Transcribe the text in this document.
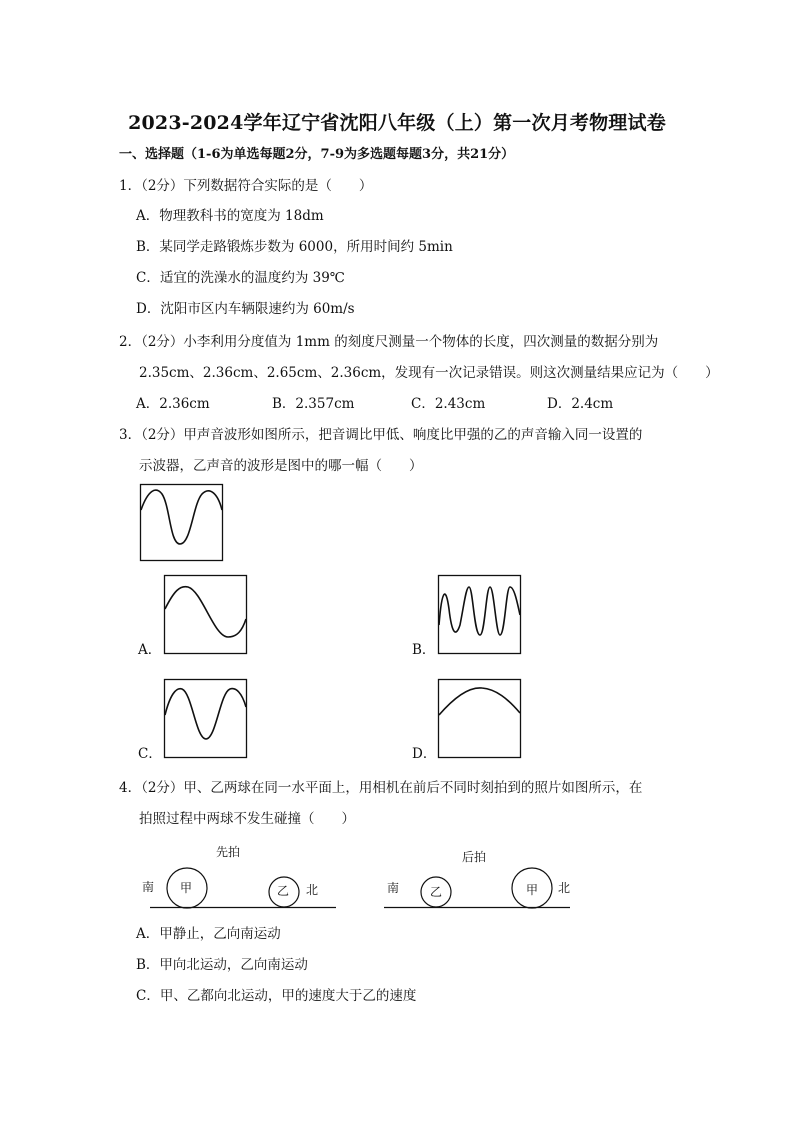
2023-2024学年辽宁省沈阳八年级（上）第一次月考物理试卷
一、选择题（1-6为单选每题2分，7-9为多选题每题3分，共21分）
1．（2分）下列数据符合实际的是（　　）
A．物理教科书的宽度为 18dm
B．某同学走路锻炼步数为 6000，所用时间约 5min
C．适宜的洗澡水的温度约为 39℃
D．沈阳市区内车辆限速约为 60m/s
2．（2分）小李利用分度值为 1mm 的刻度尺测量一个物体的长度，四次测量的数据分别为
2.35cm、2.36cm、2.65cm、2.36cm，发现有一次记录错误。则这次测量结果应记为（　　）
A．2.36cm	B．2.357cm	C．2.43cm	D．2.4cm
3．（2分）甲声音波形如图所示，把音调比甲低、响度比甲强的乙的声音输入同一设置的
示波器，乙声音的波形是图中的哪一幅（　　）
A．	B．
C．	D．
4．（2分）甲、乙两球在同一水平面上，用相机在前后不同时刻拍到的照片如图所示，在
拍照过程中两球不发生碰撞（　　）
先拍
南	北
甲	乙
后拍
南	北
乙	甲
A．甲静止，乙向南运动
B．甲向北运动，乙向南运动
C．甲、乙都向北运动，甲的速度大于乙的速度
